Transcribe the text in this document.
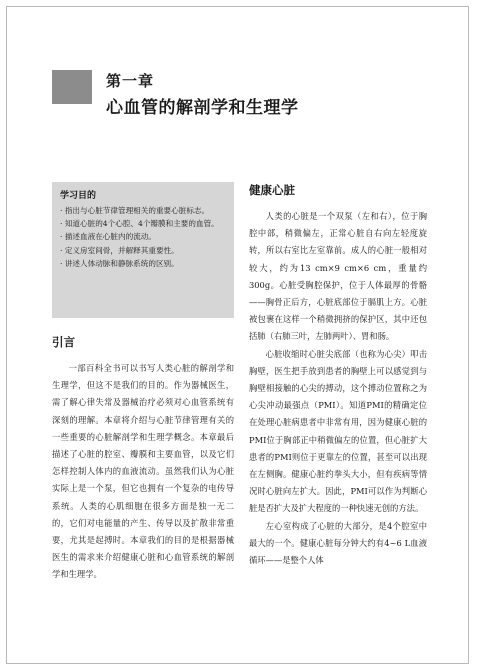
第一章
心血管的解剖学和生理学
学习目的

· 指出与心脏节律管理相关的重要心脏标志。

· 知道心脏的4个心腔、4个瓣膜和主要的血管。

· 描述血液在心脏内的流动。

· 定义房室间骨，并解释其重要性。

· 讲述人体动脉和静脉系统的区别。

引言

一部百科全书可以书写人类心脏的解剖学和生理学，但这不是我们的目的。作为器械医生，需了解心律失常及器械治疗必须对心血管系统有深刻的理解。本章将介绍与心脏节律管理有关的一些重要的心脏解剖学和生理学概念。本章最后描述了心脏的腔室、瓣膜和主要血管，以及它们怎样控制人体内的血液流动。虽然我们认为心脏实际上是一个泵，但它也拥有一个复杂的电传导系统。人类的心肌细胞在很多方面是独一无二的，它们对电能量的产生、传导以及扩散非常重要，尤其是起搏时。本章我们的目的是根据器械医生的需求来介绍健康心脏和心血管系统的解剖学和生理学。

健康心脏

人类的心脏是一个双泵（左和右），位于胸腔中部，稍微偏左，正常心脏自右向左轻度旋转，所以右室比左室靠前。成人的心脏一般相对较大，约为13 cm×9 cm×6 cm，重量约300g。心脏受胸腔保护，位于人体最厚的骨骼——胸骨正后方，心脏底部位于膈肌上方。心脏被包裹在这样一个稍微拥挤的保护区，其中还包括肺（右肺三叶，左肺两叶）、胃和肠。

心脏收缩时心脏尖底部（也称为心尖）叩击胸壁，医生把手放到患者的胸壁上可以感觉到与胸壁相接触的心尖的搏动，这个搏动位置称之为心尖冲动最强点（PMI）。知道PMI的精确定位在处理心脏病患者中非常有用，因为健康心脏的PMI位于胸部正中稍微偏左的位置，但心脏扩大患者的PMI则位于更靠左的位置，甚至可以出现在左侧胸。健康心脏约拳头大小，但有疾病等情况时心脏向左扩大。因此，PMI可以作为判断心脏是否扩大及扩大程度的一种快速无创的方法。

左心室构成了心脏的大部分，是4个腔室中最大的一个。健康心脏每分钟大约有4~6 L血液循环——是整个人体
